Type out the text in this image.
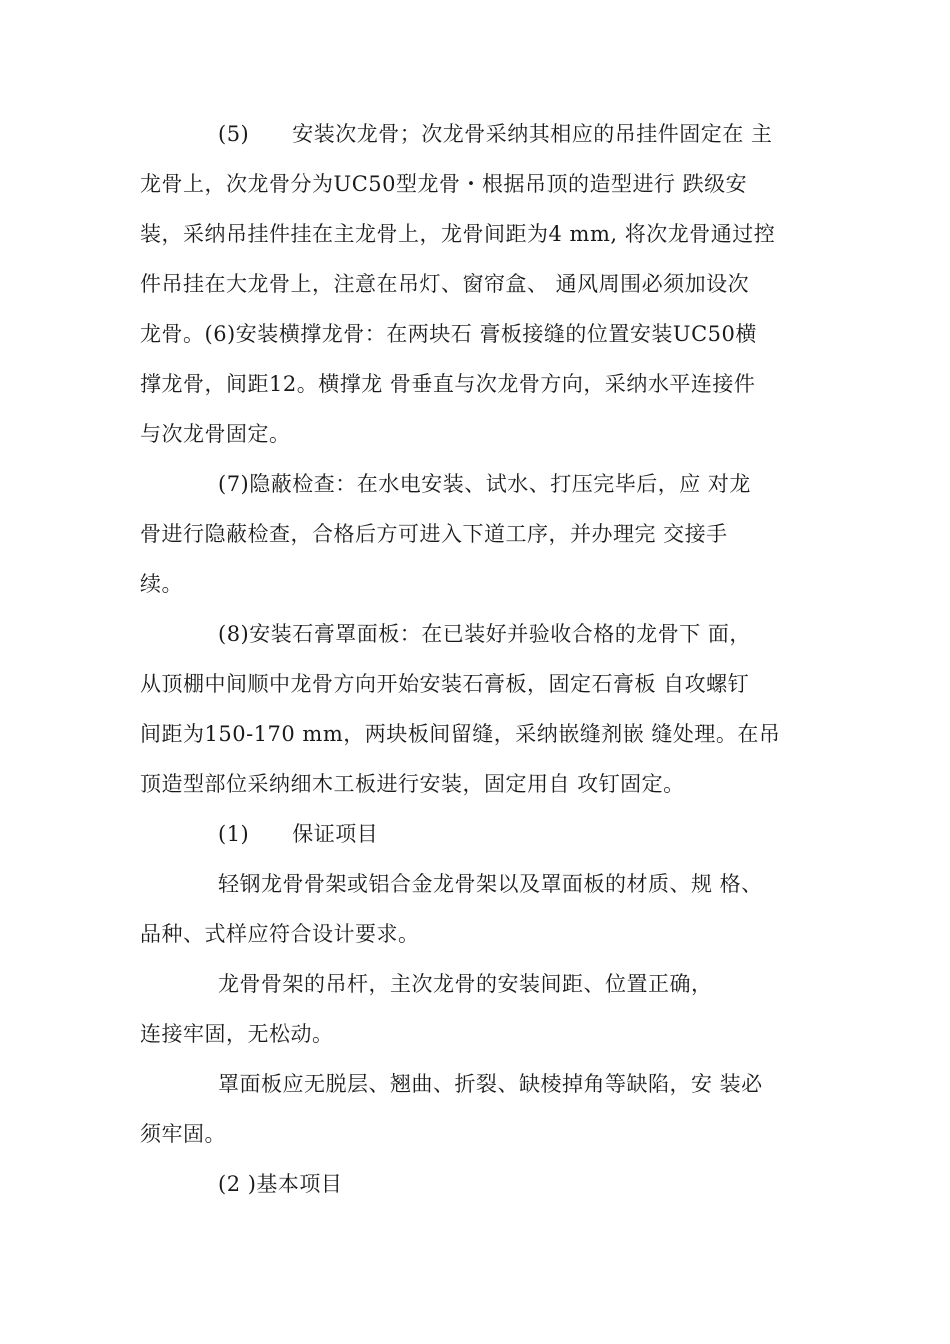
(5)　　安装次龙骨；次龙骨采纳其相应的吊挂件固定在 主
龙骨上，次龙骨分为UC50型龙骨・根据吊顶的造型进行 跌级安
装，采纳吊挂件挂在主龙骨上，龙骨间距为4 mm, 将次龙骨通过控
件吊挂在大龙骨上，注意在吊灯、窗帘盒、 通风周围必须加设次
龙骨。(6)安装横撑龙骨：在两块石 膏板接缝的位置安装UC50横
撑龙骨，间距12。横撑龙 骨垂直与次龙骨方向，采纳水平连接件
与次龙骨固定。
(7)隐蔽检查：在水电安装、试水、打压完毕后，应 对龙
骨进行隐蔽检查，合格后方可进入下道工序，并办理完 交接手
续。
(8)安装石膏罩面板：在已装好并验收合格的龙骨下 面，
从顶棚中间顺中龙骨方向开始安装石膏板，固定石膏板 自攻螺钉
间距为150-170 mm，两块板间留缝，采纳嵌缝剂嵌 缝处理。在吊
顶造型部位采纳细木工板进行安装，固定用自 攻钉固定。
(1)　　保证项目
轻钢龙骨骨架或铝合金龙骨架以及罩面板的材质、规 格、
品种、式样应符合设计要求。
龙骨骨架的吊杆，主次龙骨的安装间距、位置正确，
连接牢固，无松动。
罩面板应无脱层、翘曲、折裂、缺棱掉角等缺陷，安 装必
须牢固。
(2 )基本项目
